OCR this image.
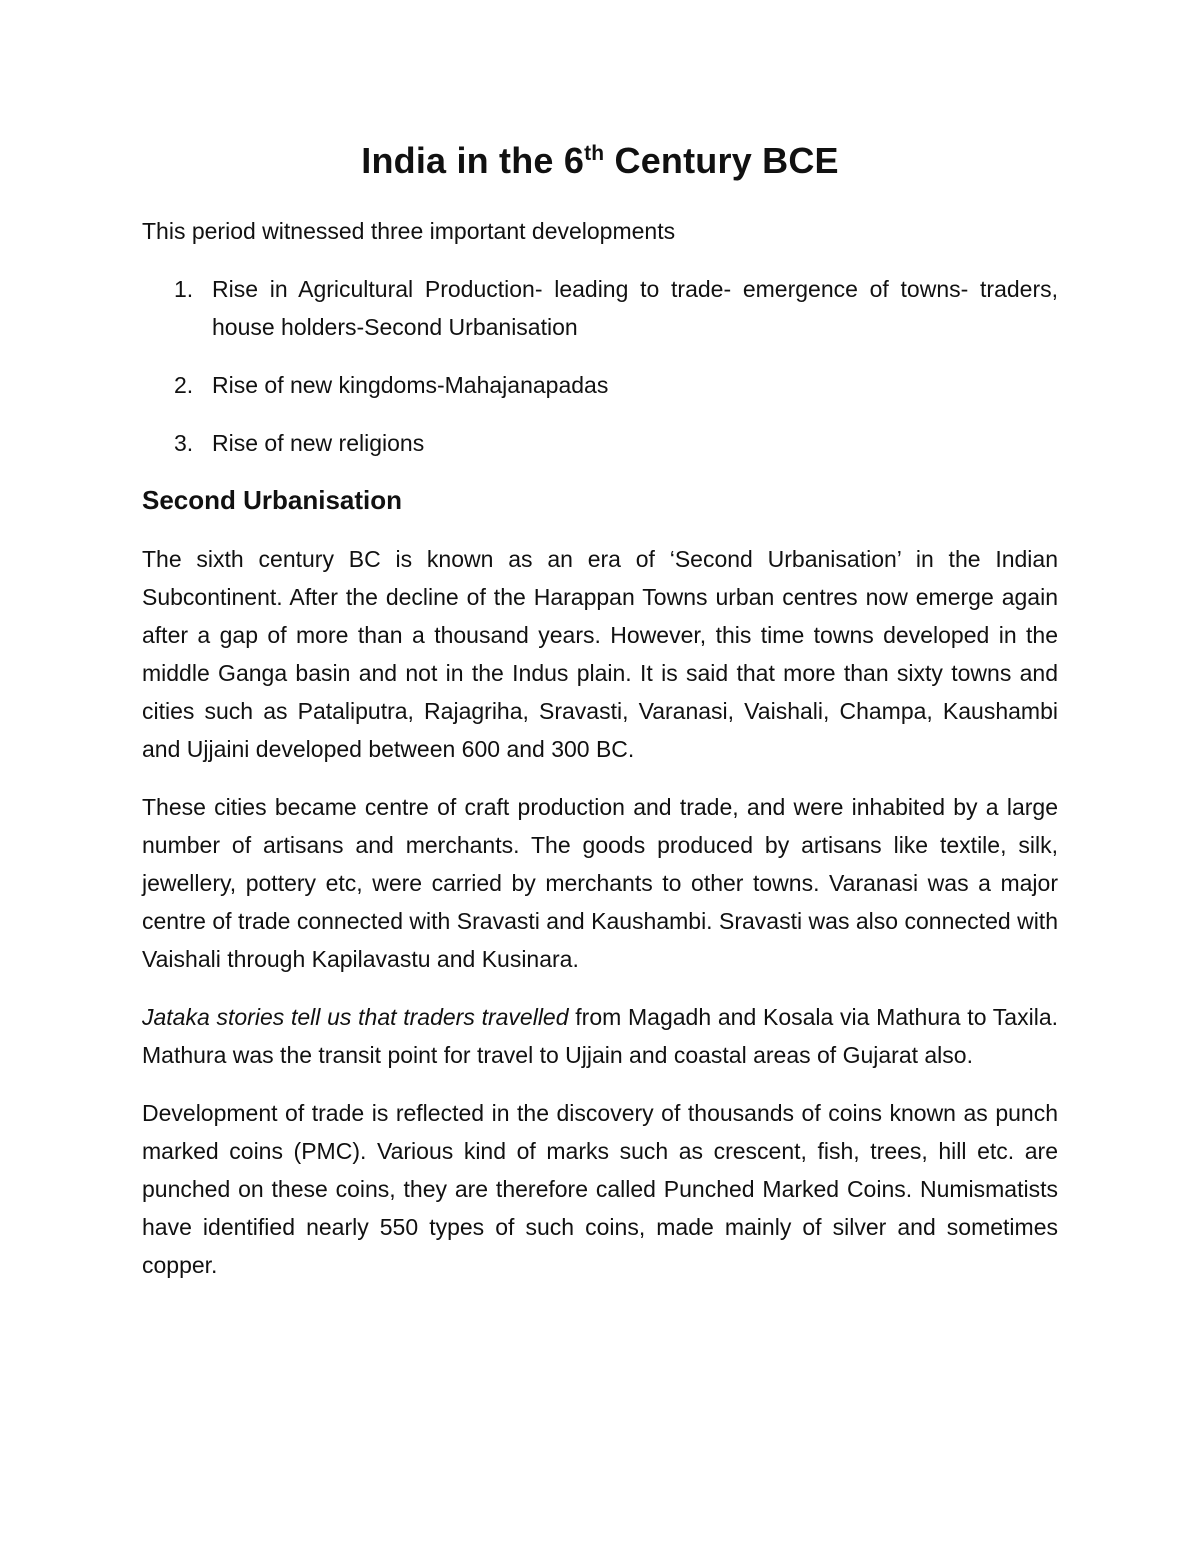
India in the 6th Century BCE

This period witnessed three important developments

1. Rise in Agricultural Production- leading to trade- emergence of towns- traders, house holders-Second Urbanisation
2. Rise of new kingdoms-Mahajanapadas
3. Rise of new religions
Second Urbanisation

The sixth century BC is known as an era of ‘Second Urbanisation’ in the Indian Subcontinent. After the decline of the Harappan Towns urban centres now emerge again after a gap of more than a thousand years. However, this time towns developed in the middle Ganga basin and not in the Indus plain. It is said that more than sixty towns and cities such as Pataliputra, Rajagriha, Sravasti, Varanasi, Vaishali, Champa, Kaushambi and Ujjaini developed between 600 and 300 BC.

These cities became centre of craft production and trade, and were inhabited by a large number of artisans and merchants. The goods produced by artisans like textile, silk, jewellery, pottery etc, were carried by merchants to other towns. Varanasi was a major centre of trade connected with Sravasti and Kaushambi. Sravasti was also connected with Vaishali through Kapilavastu and Kusinara.

Jataka stories tell us that traders travelled from Magadh and Kosala via Mathura to Taxila. Mathura was the transit point for travel to Ujjain and coastal areas of Gujarat also.

Development of trade is reflected in the discovery of thousands of coins known as punch marked coins (PMC). Various kind of marks such as crescent, fish, trees, hill etc. are punched on these coins, they are therefore called Punched Marked Coins. Numismatists have identified nearly 550 types of such coins, made mainly of silver and sometimes copper.
